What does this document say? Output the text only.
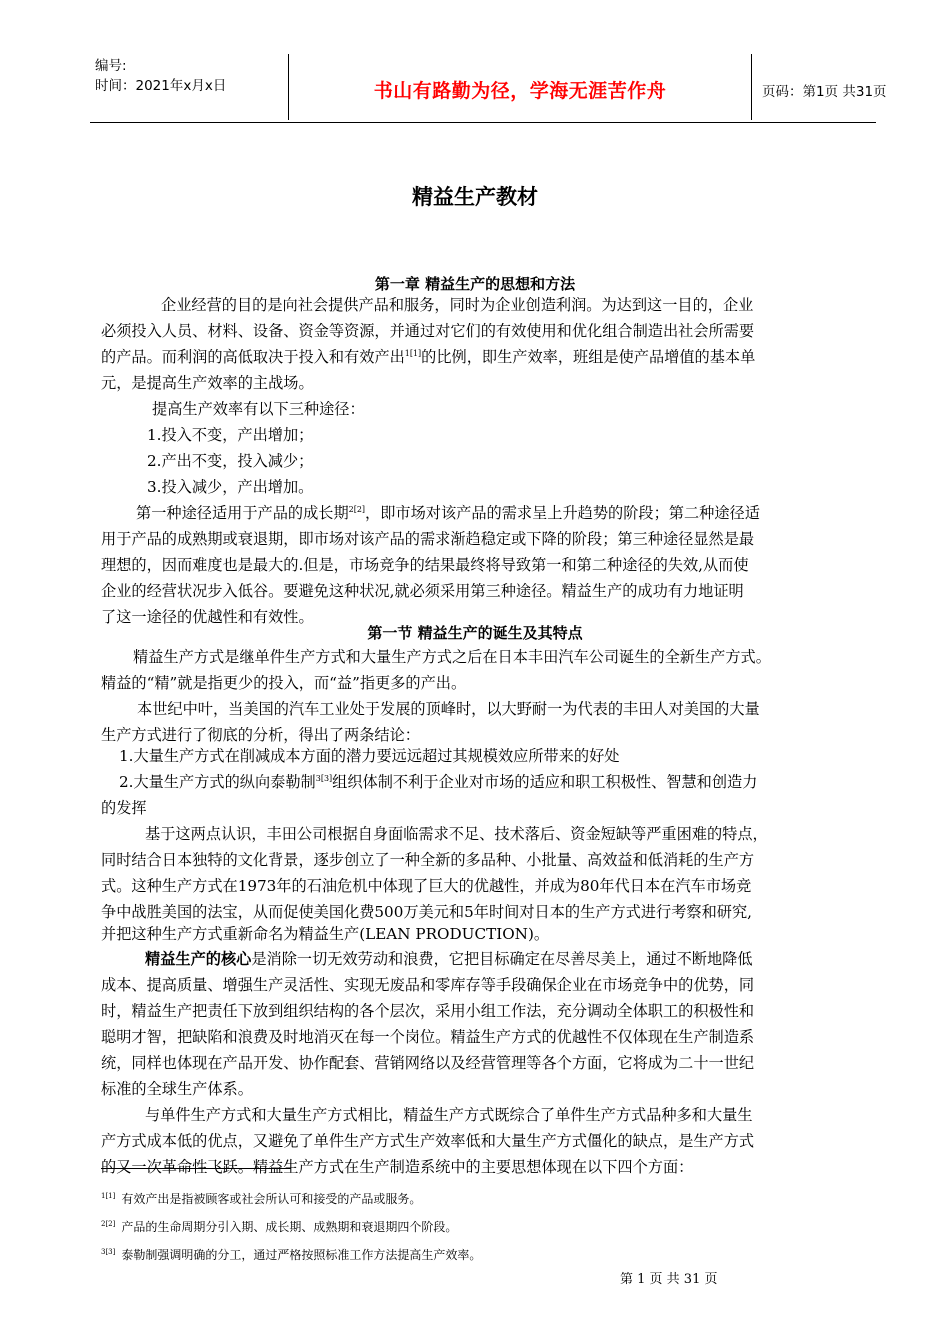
编号:
时间：2021年x月x日	书山有路勤为径，学海无涯苦作舟	页码：第1页 共31页
精益生产教材
第一章 精益生产的思想和方法
企业经营的目的是向社会提供产品和服务，同时为企业创造利润。为达到这一目的，企业
必须投入人员、材料、设备、资金等资源，并通过对它们的有效使用和优化组合制造出社会所需要
的产品。而利润的高低取决于投入和有效产出$^{1[1]}$的比例，即生产效率，班组是使产品增值的基本单
元，是提高生产效率的主战场。
提高生产效率有以下三种途径：
1.投入不变，产出增加；
2.产出不变，投入减少；
3.投入减少，产出增加。
第一种途径适用于产品的成长期$^{2[2]}$，即市场对该产品的需求呈上升趋势的阶段；第二种途径适
用于产品的成熟期或衰退期，即市场对该产品的需求渐趋稳定或下降的阶段；第三种途径显然是最
理想的，因而难度也是最大的.但是，市场竞争的结果最终将导致第一和第二种途径的失效,从而使
企业的经营状况步入低谷。要避免这种状况,就必须采用第三种途径。精益生产的成功有力地证明
了这一途径的优越性和有效性。
第一节 精益生产的诞生及其特点
精益生产方式是继单件生产方式和大量生产方式之后在日本丰田汽车公司诞生的全新生产方式。
精益的“精”就是指更少的投入，而“益”指更多的产出。
本世纪中叶，当美国的汽车工业处于发展的顶峰时，以大野耐一为代表的丰田人对美国的大量
生产方式进行了彻底的分析，得出了两条结论：
1.大量生产方式在削减成本方面的潜力要远远超过其规模效应所带来的好处
2.大量生产方式的纵向泰勒制$^{3[3]}$组织体制不利于企业对市场的适应和职工积极性、智慧和创造力
的发挥
基于这两点认识，丰田公司根据自身面临需求不足、技术落后、资金短缺等严重困难的特点，
同时结合日本独特的文化背景，逐步创立了一种全新的多品种、小批量、高效益和低消耗的生产方
式。这种生产方式在1973年的石油危机中体现了巨大的优越性，并成为80年代日本在汽车市场竞
争中战胜美国的法宝，从而促使美国化费500万美元和5年时间对日本的生产方式进行考察和研究,
并把这种生产方式重新命名为精益生产(LEAN PRODUCTION)。
精益生产的核心是消除一切无效劳动和浪费，它把目标确定在尽善尽美上，通过不断地降低
成本、提高质量、增强生产灵活性、实现无废品和零库存等手段确保企业在市场竞争中的优势，同
时，精益生产把责任下放到组织结构的各个层次，采用小组工作法，充分调动全体职工的积极性和
聪明才智，把缺陷和浪费及时地消灭在每一个岗位。精益生产方式的优越性不仅体现在生产制造系
统，同样也体现在产品开发、协作配套、营销网络以及经营管理等各个方面，它将成为二十一世纪
标准的全球生产体系。
与单件生产方式和大量生产方式相比，精益生产方式既综合了单件生产方式品种多和大量生
产方式成本低的优点，又避免了单件生产方式生产效率低和大量生产方式僵化的缺点，是生产方式
的又一次革命性飞跃。精益生产方式在生产制造系统中的主要思想体现在以下四个方面：
$^{1[1]}$ 有效产出是指被顾客或社会所认可和接受的产品或服务。
$^{2[2]}$ 产品的生命周期分引入期、成长期、成熟期和衰退期四个阶段。
$^{3[3]}$ 泰勒制强调明确的分工，通过严格按照标准工作方法提高生产效率。
第 1 页 共 31 页
